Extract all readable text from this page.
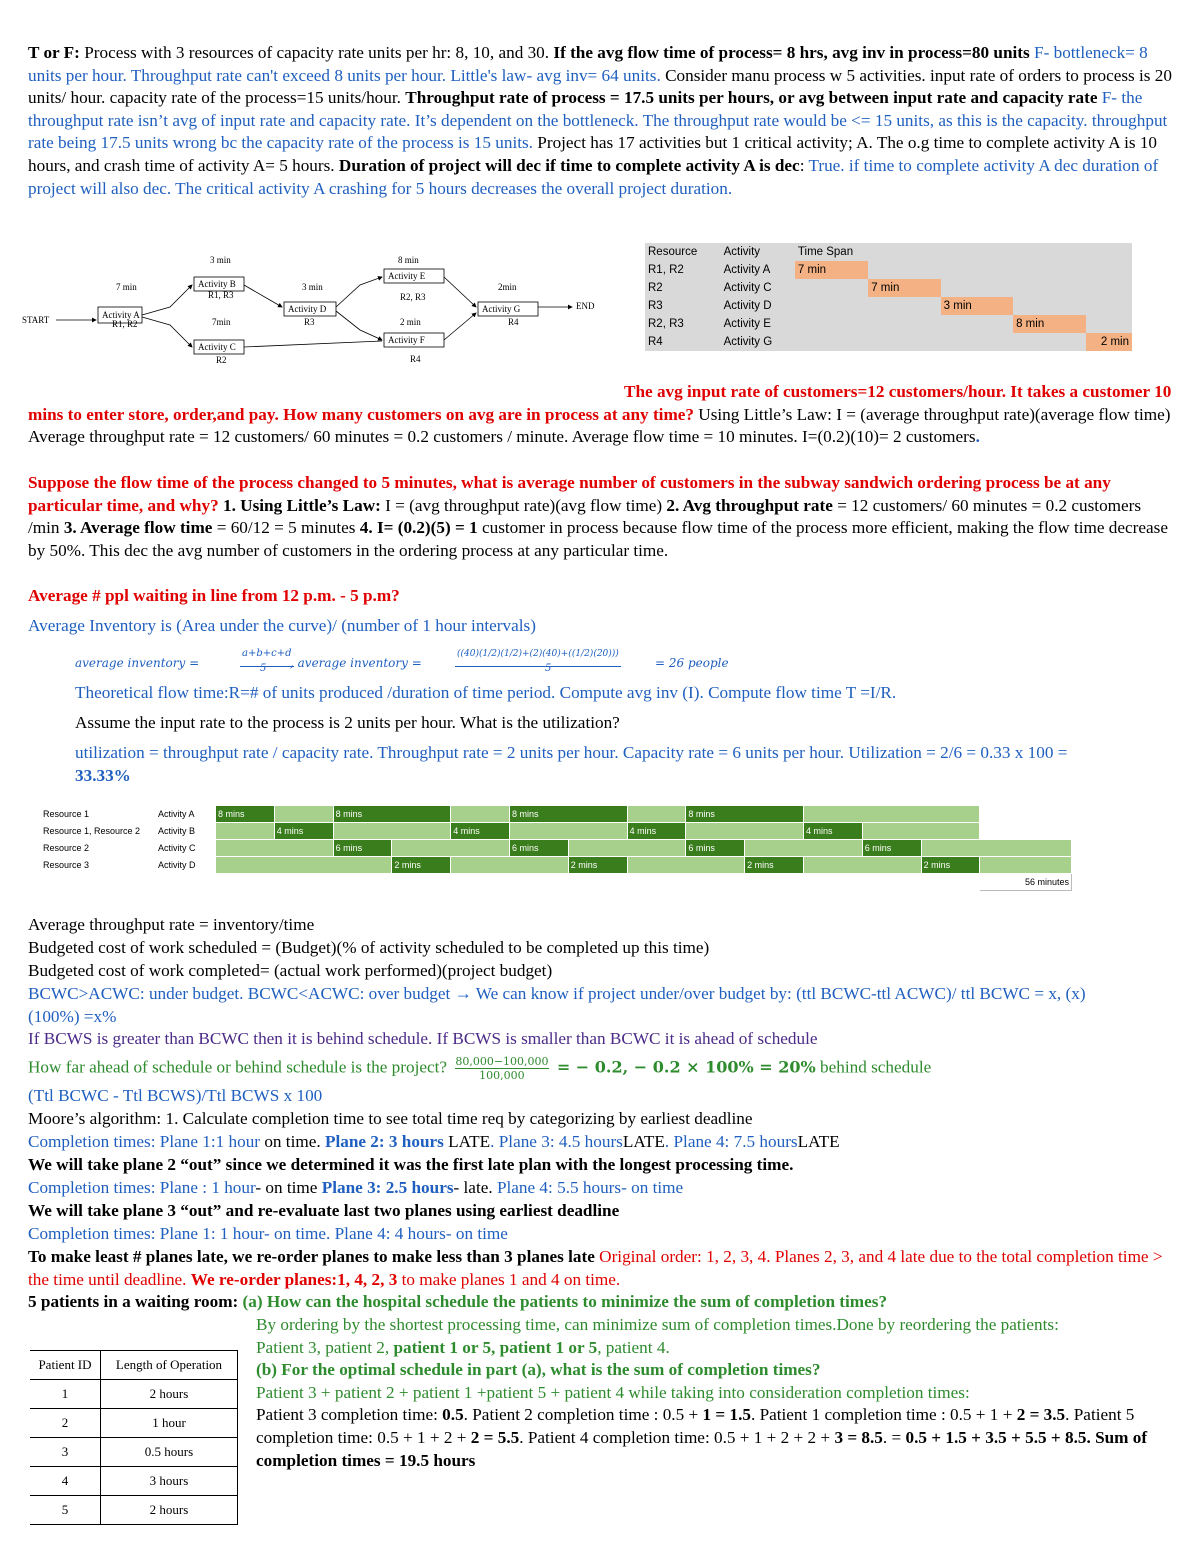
T or F: Process with 3 resources of capacity rate units per hr: 8, 10, and 30. If the avg flow time of process= 8 hrs, avg inv in process=80 units F- bottleneck= 8 units per hour. Throughput rate can't exceed 8 units per hour. Little's law- avg inv= 64 units. Consider manu process w 5 activities. input rate of orders to process is 20 units/ hour. capacity rate of the process=15 units/hour. Throughput rate of process = 17.5 units per hours, or avg between input rate and capacity rate F- the throughput rate isn’t avg of input rate and capacity rate. It’s dependent on the bottleneck. The throughput rate would be <= 15 units, as this is the capacity. throughput rate being 17.5 units wrong bc the capacity rate of the process is 15 units. Project has 17 activities but 1 critical activity; A. The o.g time to complete activity A is 10 hours, and crash time of activity A= 5 hours. Duration of project will dec if time to complete activity A is dec: True. if time to complete activity A dec duration of project will also dec. The critical activity A crashing for 5 hours decreases the overall project duration.
START
END
7 min
Activity A
R1, R2
3 min
Activity B
R1, R3
7min
Activity C
R2
3 min
Activity D
R3
8 min
Activity E
R2, R3
2 min
Activity F
R4
2min
Activity G
R4
Resource	Activity	Time Span				
R1, R2	Activity A	7 min				
R2	Activity C		7 min			
R3	Activity D			3 min		
R2, R3	Activity E				8 min	
R4	Activity G					2 min
The avg input rate of customers=12 customers/hour. It takes a customer 10 mins to enter store, order,and pay. How many customers on avg are in process at any time? Using Little’s Law: I = (average throughput rate)(average flow time) Average throughput rate = 12 customers/ 60 minutes = 0.2 customers / minute. Average flow time = 10 minutes. I=(0.2)(10)= 2 customers.
Suppose the flow time of the process changed to 5 minutes, what is average number of customers in the subway sandwich ordering process be at any particular time, and why? 1. Using Little’s Law: I = (avg throughput rate)(avg flow time) 2. Avg throughput rate = 12 customers/ 60 minutes = 0.2 customers /min 3. Average flow time = 60/12 = 5 minutes 4. I= (0.2)(5) = 1 customer in process because flow time of the process more efficient, making the flow time decrease by 50%. This dec the avg number of customers in the ordering process at any particular time.
Average # ppl waiting in line from 12 p.m. - 5 p.m?
Average Inventory is (Area under the curve)/ (number of 1 hour intervals)
average inventory =
a+b+c+d
5 , average inventory =
((40)(1/2)(1/2)+(2)(40)+((1/2)(20)))
5	= 26 people
Theoretical flow time:R=# of units produced /duration of time period. Compute avg inv (I). Compute flow time T =I/R.
Assume the input rate to the process is 2 units per hour. What is the utilization?
utilization = throughput rate / capacity rate. Throughput rate = 2 units per hour. Capacity rate = 6 units per hour. Utilization = 2/6 = 0.33 x 100 = 33.33%
Resource 1	Activity A	8 mins		8 mins			8 mins			8 mins					
Resource 1, Resource 2	Activity B		4 mins			4 mins			4 mins			4 mins			
Resource 2	Activity C			6 mins			6 mins			6 mins			6 mins		
Resource 3	Activity D				2 mins			2 mins			2 mins			2 mins	
															56 minutes
Average throughput rate = inventory/time
Budgeted cost of work scheduled = (Budget)(% of activity scheduled to be completed up this time)
Budgeted cost of work completed= (actual work performed)(project budget)
BCWC>ACWC: under budget. BCWC<ACWC: over budget → We can know if project under/over budget by: (ttl BCWC-ttl ACWC)/ ttl BCWC = x, (x)(100%) =x%
If BCWS is greater than BCWC then it is behind schedule. If BCWS is smaller than BCWC it is ahead of schedule
How far ahead of schedule or behind schedule is the project? $\frac{80,000-100,000}{100,000}$ = − 0.2, − 0.2 × 100% = 20% behind schedule
(Ttl BCWC - Ttl BCWS)/Ttl BCWS x 100
Moore’s algorithm: 1. Calculate completion time to see total time req by categorizing by earliest deadline
Completion times: Plane 1:1 hour on time. Plane 2: 3 hours LATE. Plane 3: 4.5 hoursLATE. Plane 4: 7.5 hoursLATE
We will take plane 2 “out” since we determined it was the first late plan with the longest processing time.
Completion times: Plane : 1 hour- on time Plane 3: 2.5 hours- late. Plane 4: 5.5 hours- on time
We will take plane 3 “out” and re-evaluate last two planes using earliest deadline
Completion times: Plane 1: 1 hour- on time. Plane 4: 4 hours- on time
To make least # planes late, we re-order planes to make less than 3 planes late Original order: 1, 2, 3, 4. Planes 2, 3, and 4 late due to the total completion time > the time until deadline. We re-order planes:1, 4, 2, 3 to make planes 1 and 4 on time.
5 patients in a waiting room: (a) How can the hospital schedule the patients to minimize the sum of completion times?
By ordering by the shortest processing time, can minimize sum of completion times.Done by reordering the patients:
Patient 3, patient 2, patient 1 or 5, patient 1 or 5, patient 4.
(b) For the optimal schedule in part (a), what is the sum of completion times?
Patient 3 + patient 2 + patient 1 +patient 5 + patient 4 while taking into consideration completion times:
Patient 3 completion time: 0.5. Patient 2 completion time : 0.5 + 1 = 1.5. Patient 1 completion time : 0.5 + 1 + 2 = 3.5. Patient 5 completion time: 0.5 + 1 + 2 + 2 = 5.5. Patient 4 completion time: 0.5 + 1 + 2 + 2 + 3 = 8.5. = 0.5 + 1.5 + 3.5 + 5.5 + 8.5. Sum of completion times = 19.5 hours
Patient ID	Length of Operation
1	2 hours
2	1 hour
3	0.5 hours
4	3 hours
5	2 hours
